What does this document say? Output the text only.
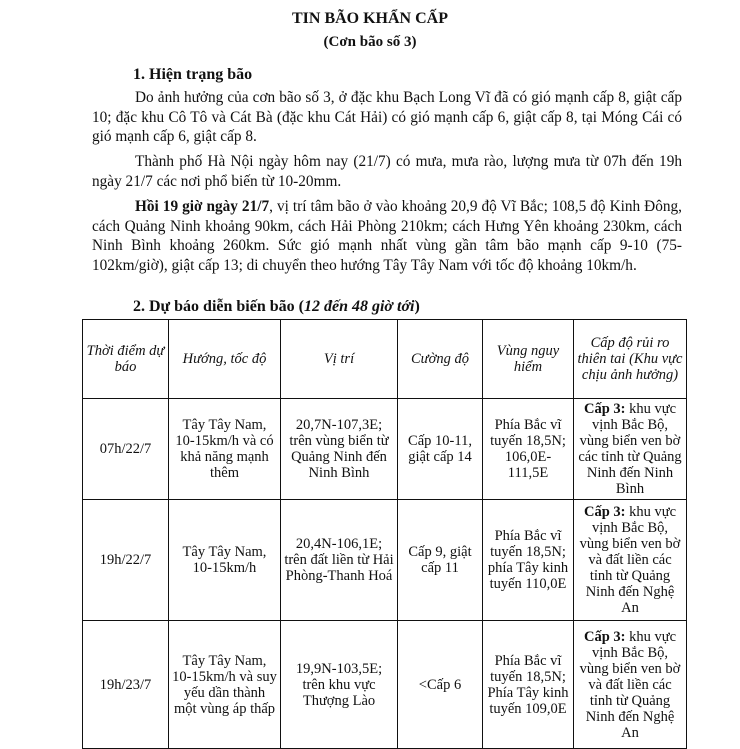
TIN BÃO KHẨN CẤP
(Cơn bão số 3)
1. Hiện trạng bão
Do ảnh hưởng của cơn bão số 3, ở đặc khu Bạch Long Vĩ đã có gió mạnh cấp 8, giật cấp 10; đặc khu Cô Tô và Cát Bà (đặc khu Cát Hải) có gió mạnh cấp 6, giật cấp 8, tại Móng Cái có gió mạnh cấp 6, giật cấp 8.
Thành phố Hà Nội ngày hôm nay (21/7) có mưa, mưa rào, lượng mưa từ 07h đến 19h ngày 21/7 các nơi phổ biến từ 10-20mm.
Hồi 19 giờ ngày 21/7, vị trí tâm bão ở vào khoảng 20,9 độ Vĩ Bắc; 108,5 độ Kinh Đông, cách Quảng Ninh khoảng 90km, cách Hải Phòng 210km; cách Hưng Yên khoảng 230km, cách Ninh Bình khoảng 260km. Sức gió mạnh nhất vùng gần tâm bão mạnh cấp 9-10 (75-102km/giờ), giật cấp 13; di chuyển theo hướng Tây Tây Nam với tốc độ khoảng 10km/h.
2. Dự báo diễn biến bão (12 đến 48 giờ tới)
Thời điểm dự báo	Hướng, tốc độ	Vị trí	Cường độ	Vùng nguy hiểm	Cấp độ rủi ro thiên tai (Khu vực chịu ảnh hưởng)
07h/22/7	Tây Tây Nam, 10-15km/h và có khả năng mạnh thêm	20,7N-107,3E; trên vùng biển từ Quảng Ninh đến Ninh Bình	Cấp 10-11, giật cấp 14	Phía Bắc vĩ tuyến 18,5N; 106,0E-111,5E	Cấp 3: khu vực vịnh Bắc Bộ, vùng biển ven bờ các tỉnh từ Quảng Ninh đến Ninh Bình
19h/22/7	Tây Tây Nam, 10-15km/h	20,4N-106,1E; trên đất liền từ Hải Phòng-Thanh Hoá	Cấp 9, giật cấp 11	Phía Bắc vĩ tuyến 18,5N; phía Tây kinh tuyến 110,0E	Cấp 3: khu vực vịnh Bắc Bộ, vùng biển ven bờ và đất liền các tỉnh từ Quảng Ninh đến Nghệ An
19h/23/7	Tây Tây Nam, 10-15km/h và suy yếu dần thành một vùng áp thấp	19,9N-103,5E; trên khu vực Thượng Lào	<Cấp 6	Phía Bắc vĩ tuyến 18,5N; Phía Tây kinh tuyến 109,0E	Cấp 3: khu vực vịnh Bắc Bộ, vùng biển ven bờ và đất liền các tỉnh từ Quảng Ninh đến Nghệ An
